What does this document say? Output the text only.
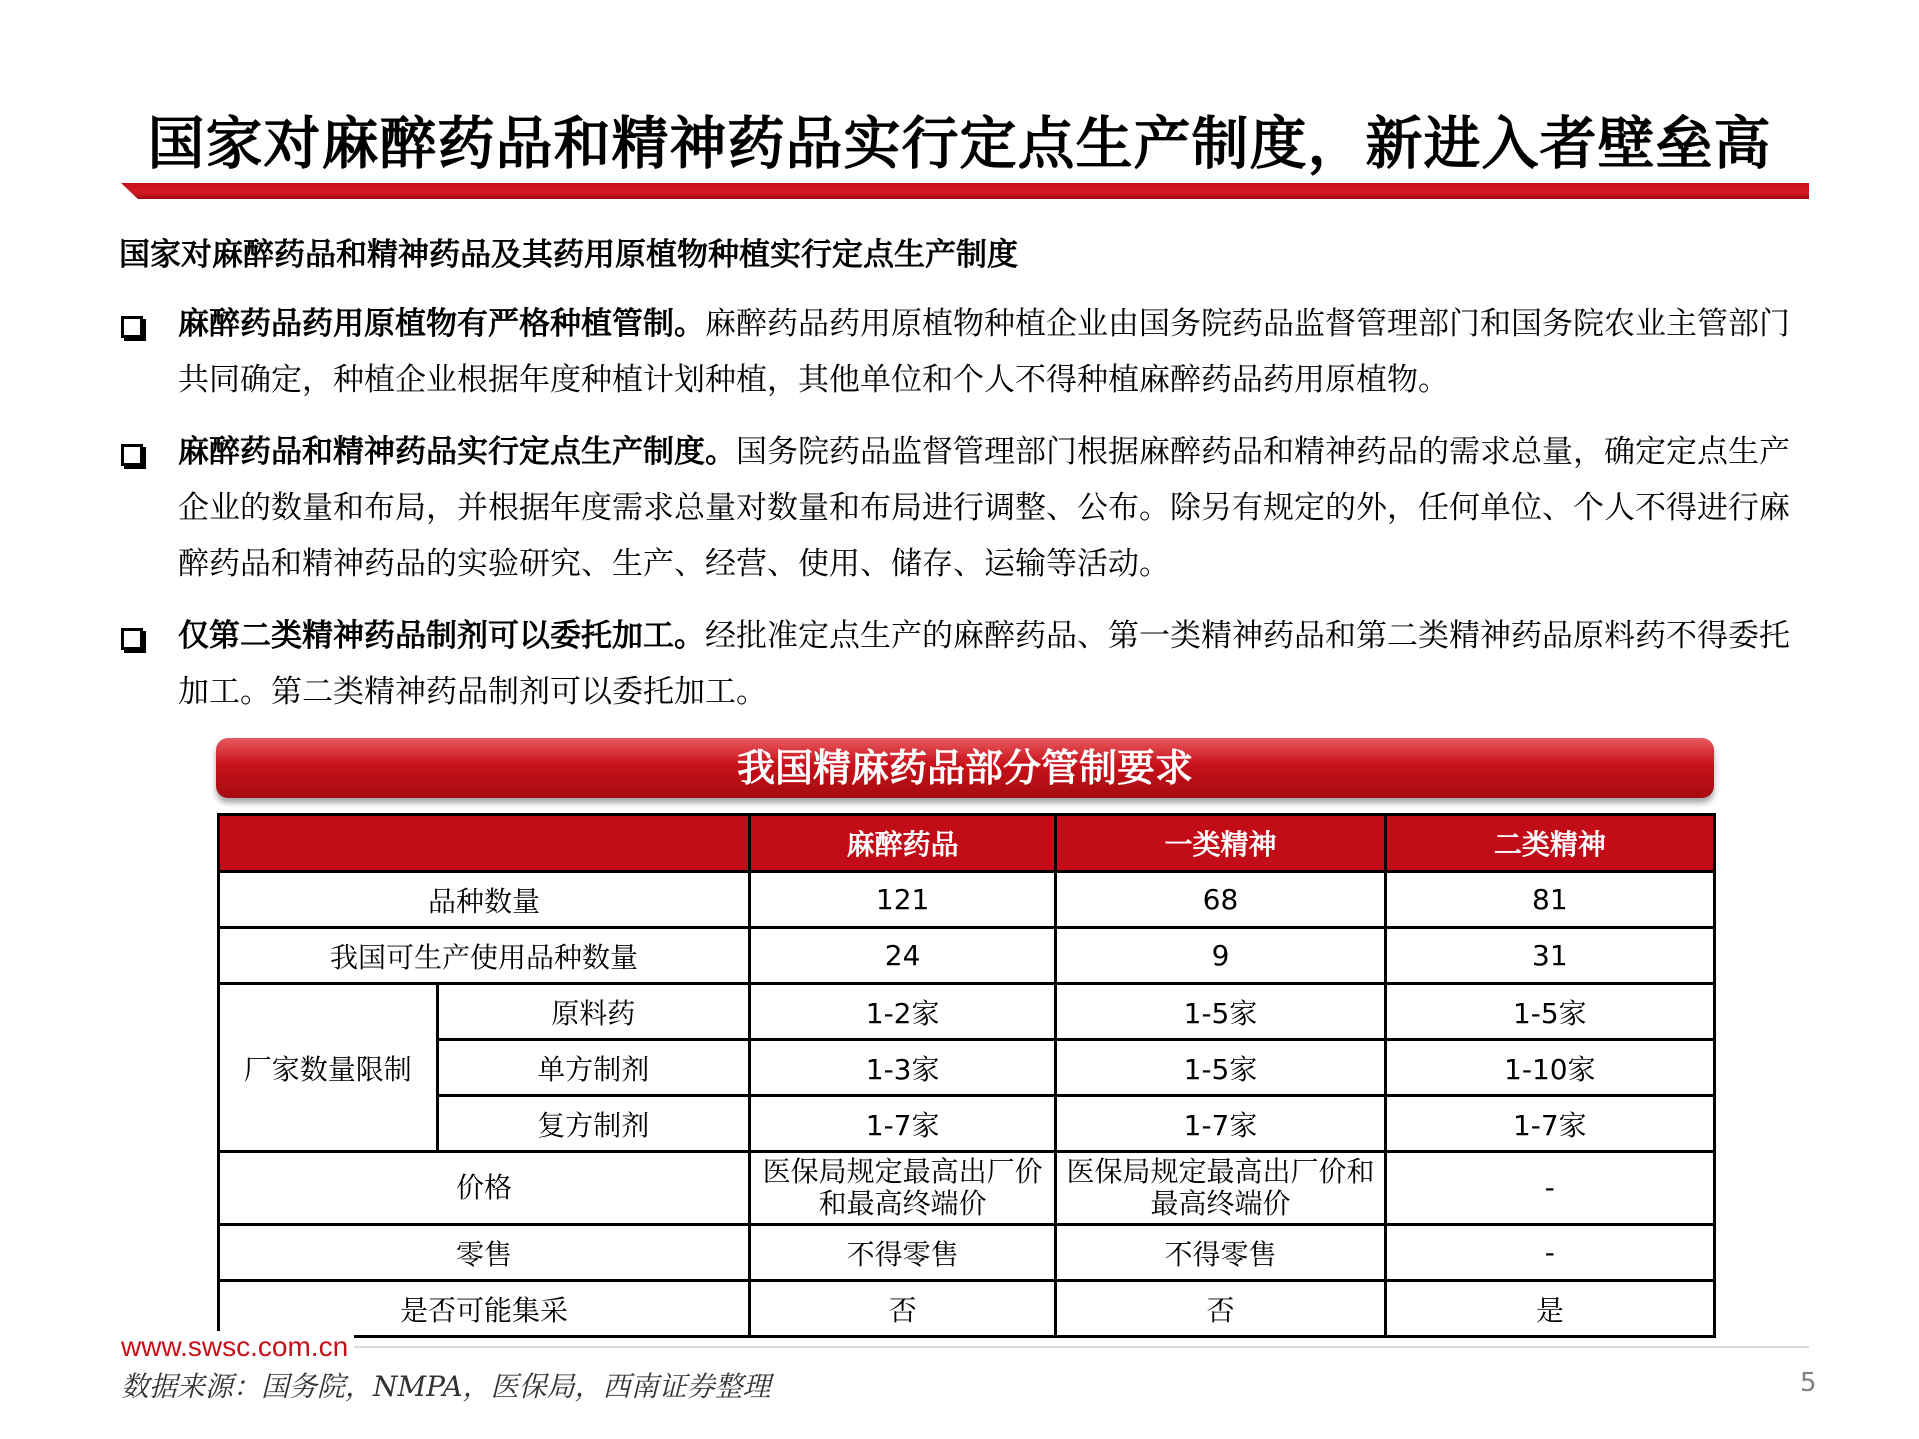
国家对麻醉药品和精神药品实行定点生产制度，新进入者壁垒高
国家对麻醉药品和精神药品及其药用原植物种植实行定点生产制度
麻醉药品药用原植物有严格种植管制。麻醉药品药用原植物种植企业由国务院药品监督管理部门和国务院农业主管部门共同确定，种植企业根据年度种植计划种植，其他单位和个人不得种植麻醉药品药用原植物。
麻醉药品和精神药品实行定点生产制度。国务院药品监督管理部门根据麻醉药品和精神药品的需求总量，确定定点生产企业的数量和布局，并根据年度需求总量对数量和布局进行调整、公布。除另有规定的外，任何单位、个人不得进行麻醉药品和精神药品的实验研究、生产、经营、使用、储存、运输等活动。
仅第二类精神药品制剂可以委托加工。经批准定点生产的麻醉药品、第一类精神药品和第二类精神药品原料药不得委托加工。第二类精神药品制剂可以委托加工。
我国精麻药品部分管制要求
		麻醉药品	一类精神	二类精神
品种数量		121	68	81
我国可生产使用品种数量		24	9	31
厂家数量限制	原料药	1-2家	1-5家	1-5家
	单方制剂	1-3家	1-5家	1-10家
	复方制剂	1-7家	1-7家	1-7家
价格		医保局规定最高出厂价和最高终端价	医保局规定最高出厂价和最高终端价	-
零售		不得零售	不得零售	-
是否可能集采		否	否	是
www.swsc.com.cn
数据来源：国务院，NMPA，医保局，西南证券整理	5
